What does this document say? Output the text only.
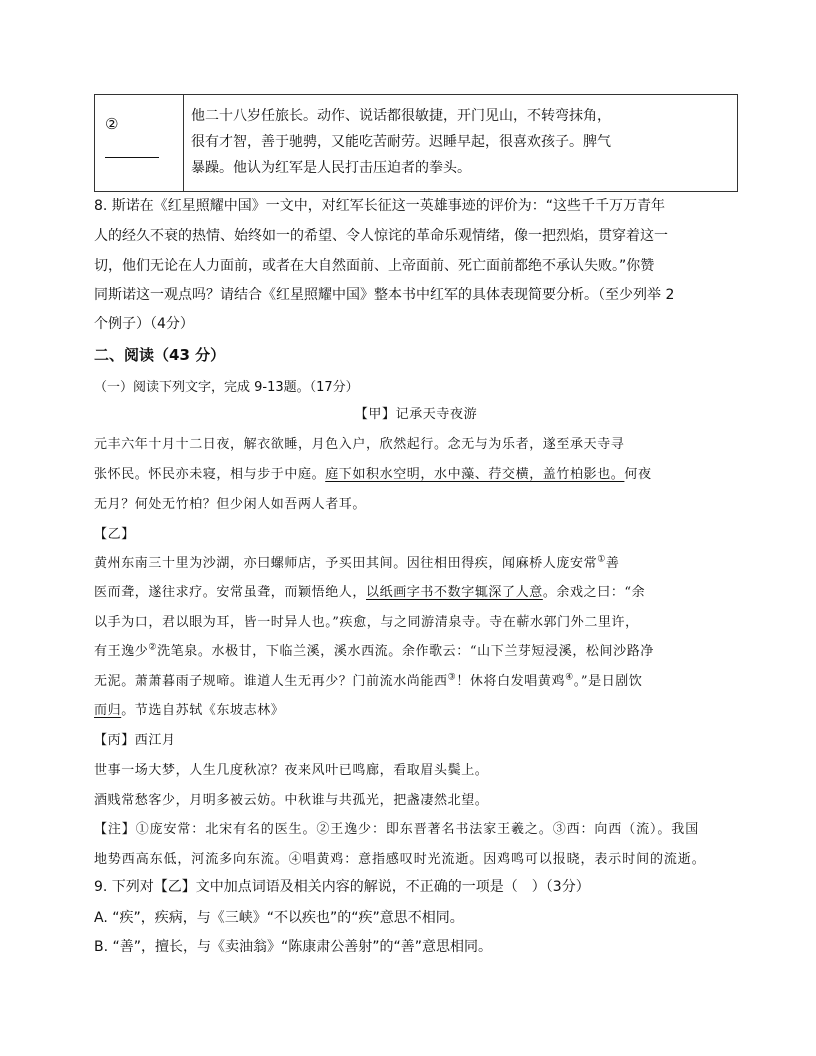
②	他二十八岁任旅长。动作、说话都很敏捷，开门见山，不转弯抹角，
很有才智，善于驰骋，又能吃苦耐劳。迟睡早起，很喜欢孩子。脾气
暴躁。他认为红军是人民打击压迫者的拳头。
8. 斯诺在《红星照耀中国》一文中，对红军长征这一英雄事迹的评价为：“这些千千万万青年
人的经久不衰的热情、始终如一的希望、令人惊诧的革命乐观情绪，像一把烈焰，贯穿着这一
切，他们无论在人力面前，或者在大自然面前、上帝面前、死亡面前都绝不承认失败。”你赞
同斯诺这一观点吗？请结合《红星照耀中国》整本书中红军的具体表现简要分析。（至少列举 2
个例子）（4分）
二、阅读（43 分）
（一）阅读下列文字，完成 9-13题。（17分）
【甲】记承天寺夜游
元丰六年十月十二日夜，解衣欲睡，月色入户，欣然起行。念无与为乐者，遂至承天寺寻
张怀民。怀民亦未寝，相与步于中庭。庭下如积水空明，水中藻、荇交横，盖竹柏影也。何夜
无月？何处无竹柏？但少闲人如吾两人者耳。
【乙】
黄州东南三十里为沙湖，亦曰螺师店，予买田其间。因往相田得疾，闻麻桥人庞安常①善
医而聋，遂往求疗。安常虽聋，而颖悟绝人，以纸画字书不数字辄深了人意。余戏之曰：“余
以手为口，君以眼为耳，皆一时异人也。”疾愈，与之同游清泉寺。寺在蕲水郭门外二里许，
有王逸少②洗笔泉。水极甘，下临兰溪，溪水西流。余作歌云：“山下兰芽短浸溪，松间沙路净
无泥。萧萧暮雨子规啼。谁道人生无再少？门前流水尚能西③！休将白发唱黄鸡④。”是日剧饮
而归。节选自苏轼《东坡志林》
【丙】西江月
世事一场大梦，人生几度秋凉？夜来风叶已鸣廊，看取眉头鬓上。
酒贱常愁客少，月明多被云妨。中秋谁与共孤光，把盏凄然北望。
【注】①庞安常：北宋有名的医生。②王逸少：即东晋著名书法家王羲之。③西：向西（流）。我国
地势西高东低，河流多向东流。④唱黄鸡：意指感叹时光流逝。因鸡鸣可以报晓，表示时间的流逝。
9. 下列对【乙】文中加点词语及相关内容的解说，不正确的一项是（　）（3分）
A. “疾”，疾病，与《三峡》“不以疾也”的“疾”意思不相同。
B. “善”，擅长，与《卖油翁》“陈康肃公善射”的“善”意思相同。
